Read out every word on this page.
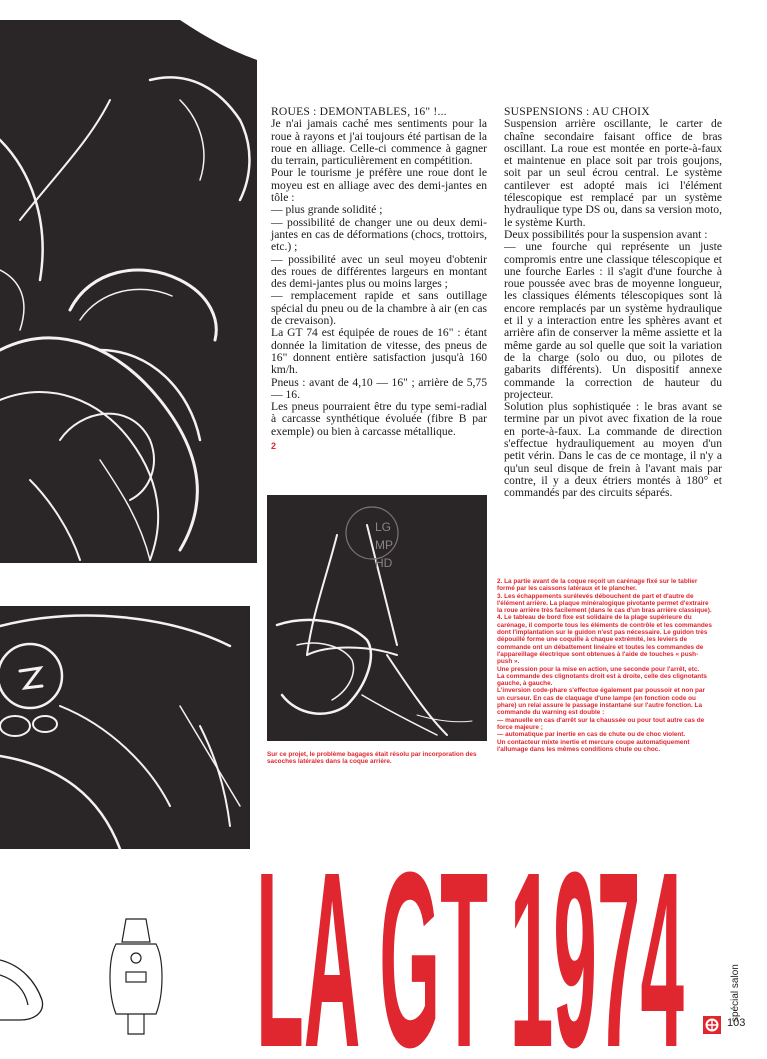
ROUES : DEMONTABLES, 16" !...

Je n'ai jamais caché mes sentiments pour la roue à rayons et j'ai toujours été partisan de la roue en alliage. Celle-ci commence à gagner du terrain, particulièrement en compétition.

Pour le tourisme je préfère une roue dont le moyeu est en alliage avec des demi-jantes en tôle :

— plus grande solidité ;

— possibilité de changer une ou deux demi-jantes en cas de déformations (chocs, trottoirs, etc.) ;

— possibilité avec un seul moyeu d'obtenir des roues de différentes largeurs en montant des demi-jantes plus ou moins larges ;

— remplacement rapide et sans outillage spécial du pneu ou de la chambre à air (en cas de crevaison).

La GT 74 est équipée de roues de 16" : étant donnée la limitation de vitesse, des pneus de 16" donnent entière satisfaction jusqu'à 160 km/h.

Pneus : avant de 4,10 — 16" ; arrière de 5,75 — 16.

Les pneus pourraient être du type semi-radial à carcasse synthétique évoluée (fibre B par exemple) ou bien à carcasse métallique.

2

SUSPENSIONS : AU CHOIX

Suspension arrière oscillante, le carter de chaîne secondaire faisant office de bras oscillant. La roue est montée en porte-à-faux et maintenue en place soit par trois goujons, soit par un seul écrou central. Le système cantilever est adopté mais ici l'élément télescopique est remplacé par un système hydraulique type DS ou, dans sa version moto, le système Kurth.

Deux possibilités pour la suspension avant :

— une fourche qui représente un juste compromis entre une classique télescopique et une fourche Earles : il s'agit d'une fourche à roue poussée avec bras de moyenne longueur, les classiques éléments télescopiques sont là encore remplacés par un système hydraulique et il y a interaction entre les sphères avant et arrière afin de conserver la même assiette et la même garde au sol quelle que soit la variation de la charge (solo ou duo, ou pilotes de gabarits différents). Un dispositif annexe commande la correction de hauteur du projecteur.

Solution plus sophistiquée : le bras avant se termine par un pivot avec fixation de la roue en porte-à-faux. La commande de direction s'effectue hydrauliquement au moyen d'un petit vérin. Dans le cas de ce montage, il n'y a qu'un seul disque de frein à l'avant mais par contre, il y a deux étriers montés à 180° et commandés par des circuits séparés.

LG
MP
HD

Sur ce projet, le problème bagages était résolu par incorporation des sacoches latérales dans la coque arrière.

2. La partie avant de la coque reçoit un carénage fixé sur le tablier formé par les caissons latéraux et le plancher.

3. Les échappements surélevés débouchent de part et d'autre de l'élément arrière. La plaque minéralogique pivotante permet d'extraire la roue arrière très facilement (dans le cas d'un bras arrière classique).

4. Le tableau de bord fixe est solidaire de la plage supérieure du carénage, il comporte tous les éléments de contrôle et les commandes dont l'implantation sur le guidon n'est pas nécessaire. Le guidon très dépouillé forme une coquille à chaque extrémité, les leviers de commande ont un débattement linéaire et toutes les commandes de l'appareillage électrique sont obtenues à l'aide de touches « push-push ».

Une pression pour la mise en action, une seconde pour l'arrêt, etc.

La commande des clignotants droit est à droite, celle des clignotants gauche, à gauche.

L'inversion code-phare s'effectue également par poussoir et non par un curseur. En cas de claquage d'une lampe (en fonction code ou phare) un relai assure le passage instantané sur l'autre fonction. La commande du warning est double :

— manuelle en cas d'arrêt sur la chaussée ou pour tout autre cas de force majeure ;

— automatique par inertie en cas de chute ou de choc violent.

Un contacteur mixte inertie et mercure coupe automatiquement l'allumage dans les mêmes conditions chute ou choc.

LA GT 1974	spécial salon
103
